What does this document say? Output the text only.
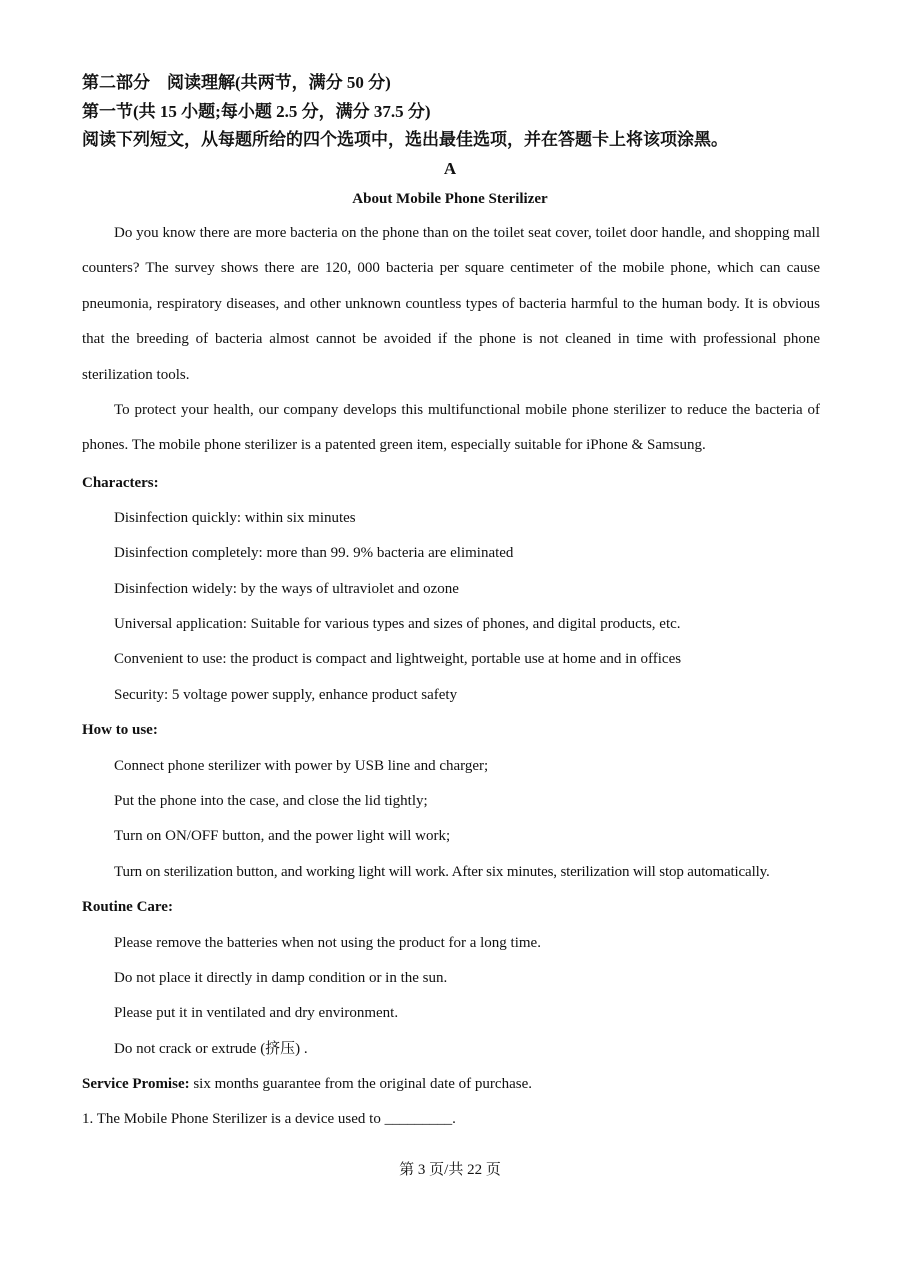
第二部分　阅读理解(共两节，满分 50 分)
第一节(共 15 小题;每小题 2.5 分，满分 37.5 分)
阅读下列短文，从每题所给的四个选项中，选出最佳选项，并在答题卡上将该项涂黑。
A
About Mobile Phone Sterilizer

Do you know there are more bacteria on the phone than on the toilet seat cover, toilet door handle, and shopping mall counters? The survey shows there are 120, 000 bacteria per square centimeter of the mobile phone, which can cause pneumonia, respiratory diseases, and other unknown countless types of bacteria harmful to the human body. It is obvious that the breeding of bacteria almost cannot be avoided if the phone is not cleaned in time with professional phone sterilization tools.

To protect your health, our company develops this multifunctional mobile phone sterilizer to reduce the bacteria of phones. The mobile phone sterilizer is a patented green item, especially suitable for iPhone & Samsung.

Characters:
Disinfection quickly: within six minutes
Disinfection completely: more than 99. 9% bacteria are eliminated
Disinfection widely: by the ways of ultraviolet and ozone
Universal application: Suitable for various types and sizes of phones, and digital products, etc.
Convenient to use: the product is compact and lightweight, portable use at home and in offices
Security: 5 voltage power supply, enhance product safety
How to use:
Connect phone sterilizer with power by USB line and charger;
Put the phone into the case, and close the lid tightly;
Turn on ON/OFF button, and the power light will work;
Turn on sterilization button, and working light will work. After six minutes, sterilization will stop automatically.
Routine Care:
Please remove the batteries when not using the product for a long time.
Do not place it directly in damp condition or in the sun.
Please put it in ventilated and dry environment.
Do not crack or extrude (挤压) .
Service Promise: six months guarantee from the original date of purchase.
1. The Mobile Phone Sterilizer is a device used to _________.
第 3 页/共 22 页
